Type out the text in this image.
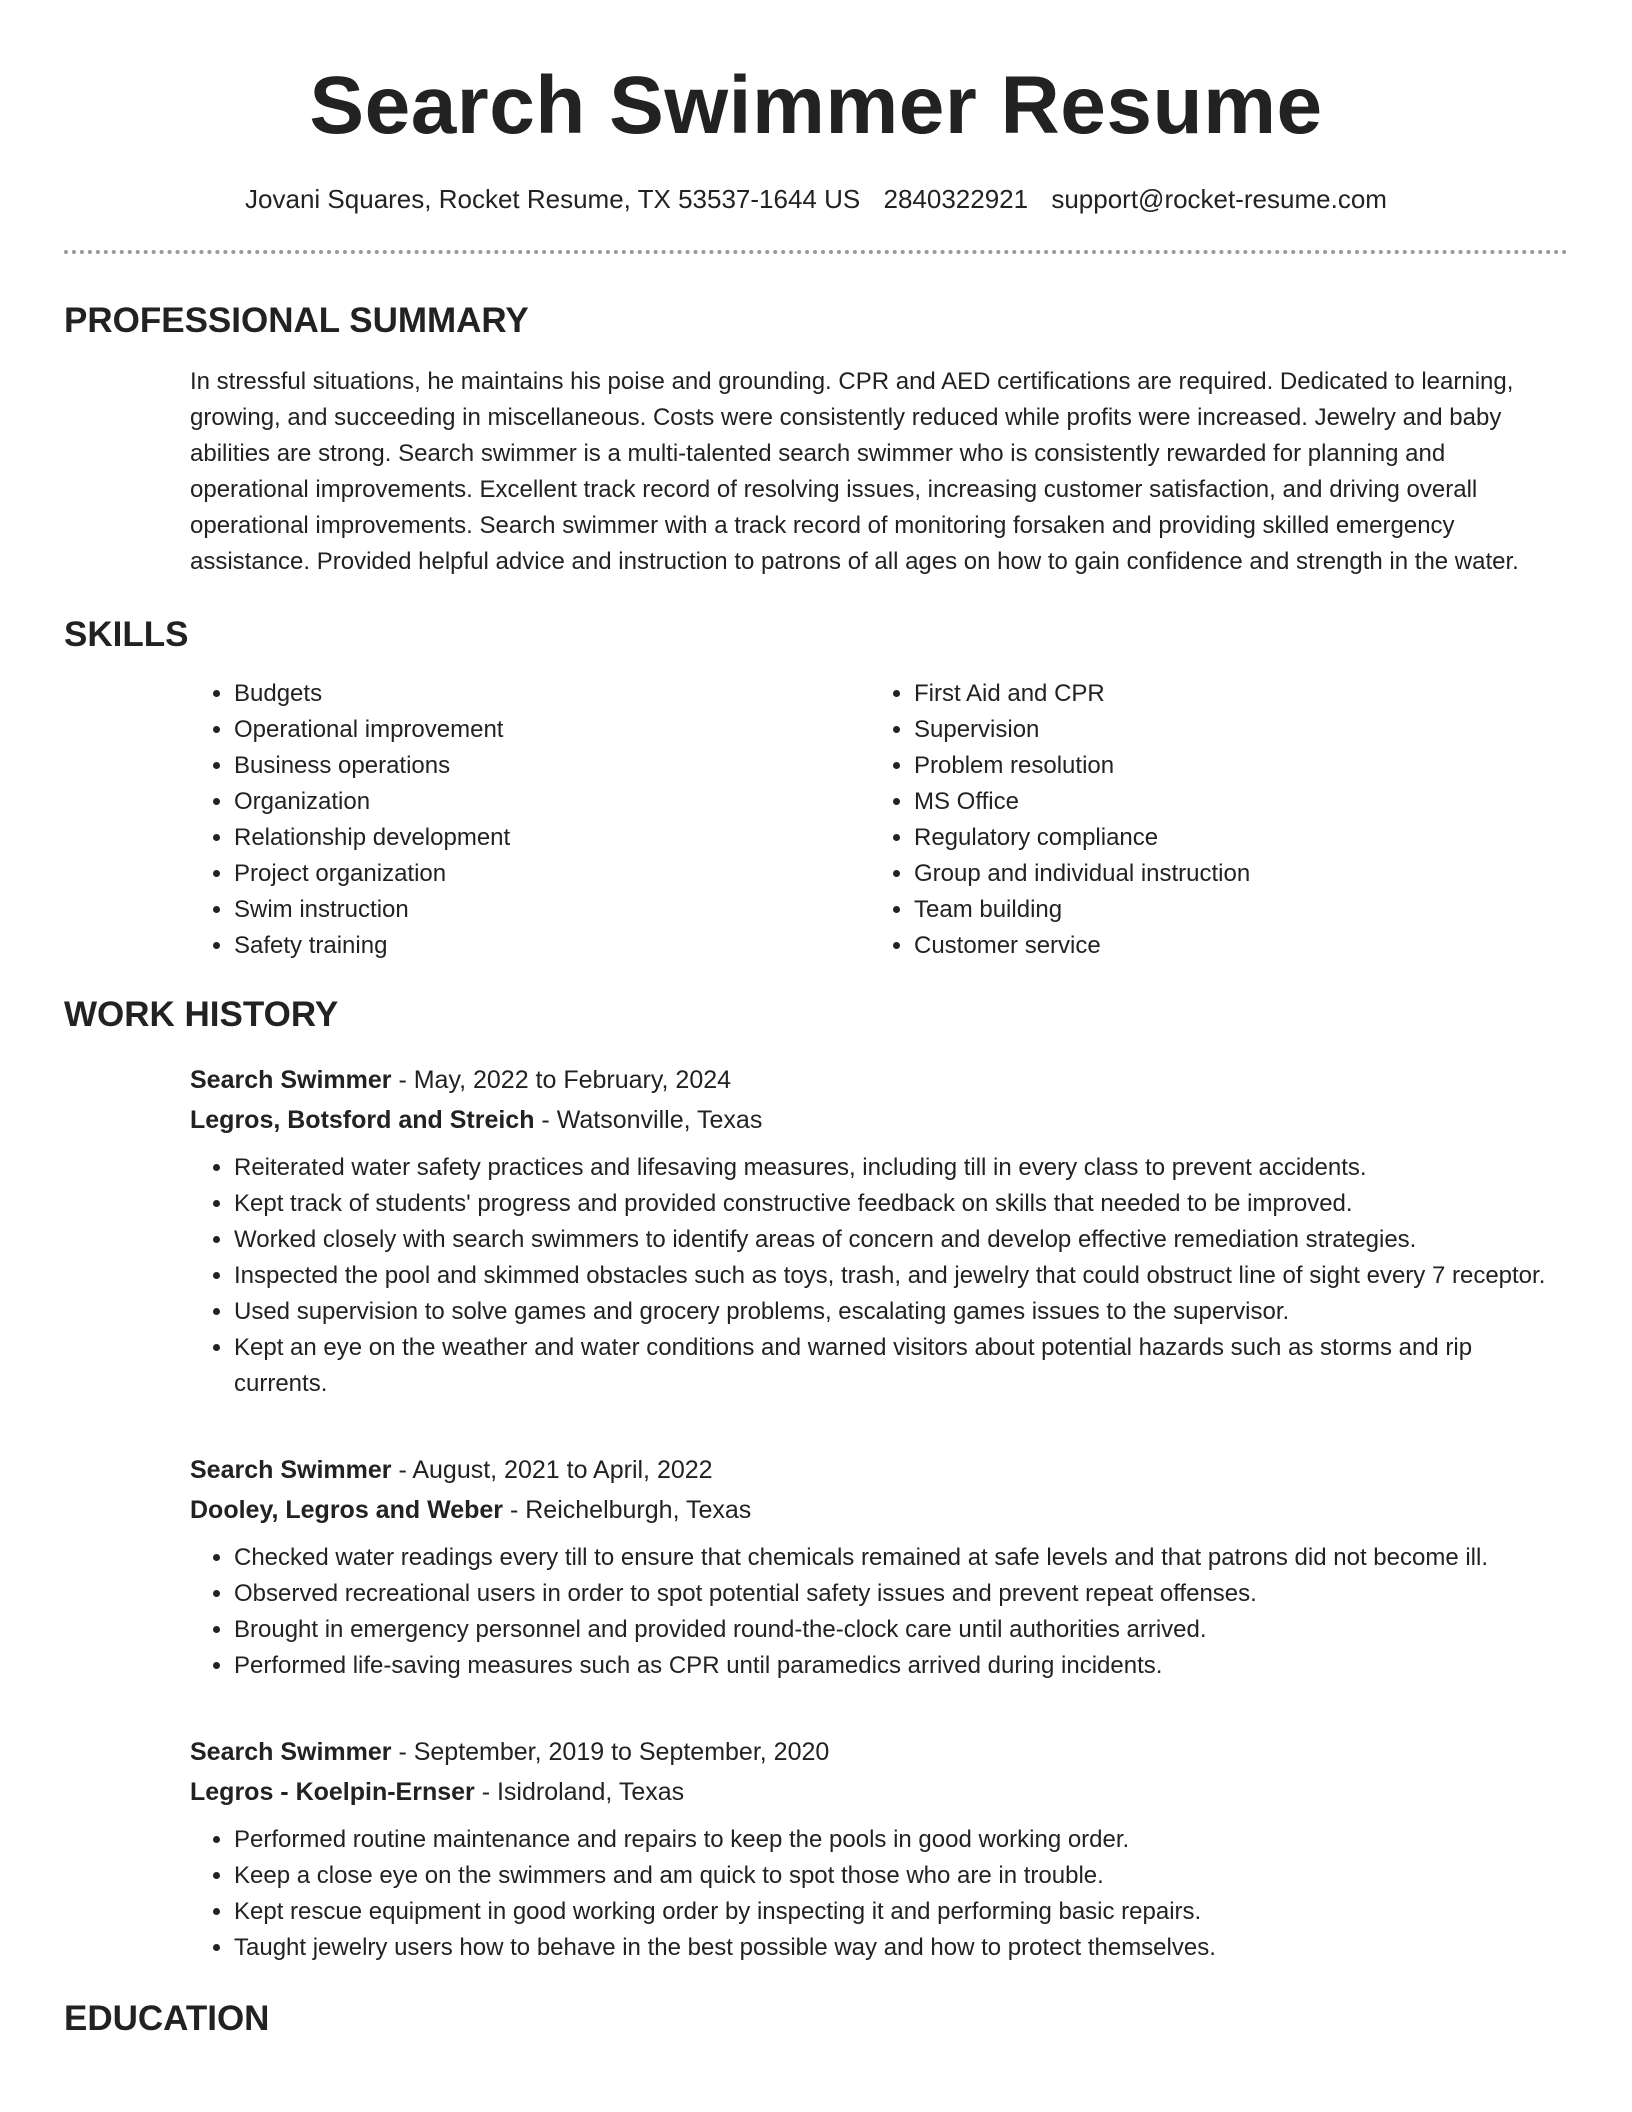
Search Swimmer Resume
Jovani Squares, Rocket Resume, TX 53537-1644 US 2840322921 support@rocket-resume.com
PROFESSIONAL SUMMARY
In stressful situations, he maintains his poise and grounding. CPR and AED certifications are required. Dedicated to learning, growing, and succeeding in miscellaneous. Costs were consistently reduced while profits were increased. Jewelry and baby abilities are strong. Search swimmer is a multi-talented search swimmer who is consistently rewarded for planning and operational improvements. Excellent track record of resolving issues, increasing customer satisfaction, and driving overall operational improvements. Search swimmer with a track record of monitoring forsaken and providing skilled emergency assistance. Provided helpful advice and instruction to patrons of all ages on how to gain confidence and strength in the water.
SKILLS
• Budgets
• Operational improvement
• Business operations
• Organization
• Relationship development
• Project organization
• Swim instruction
• Safety training
• First Aid and CPR
• Supervision
• Problem resolution
• MS Office
• Regulatory compliance
• Group and individual instruction
• Team building
• Customer service
WORK HISTORY
Search Swimmer - May, 2022 to February, 2024
Legros, Botsford and Streich - Watsonville, Texas
• Reiterated water safety practices and lifesaving measures, including till in every class to prevent accidents.
• Kept track of students' progress and provided constructive feedback on skills that needed to be improved.
• Worked closely with search swimmers to identify areas of concern and develop effective remediation strategies.
• Inspected the pool and skimmed obstacles such as toys, trash, and jewelry that could obstruct line of sight every 7 receptor.
• Used supervision to solve games and grocery problems, escalating games issues to the supervisor.
• Kept an eye on the weather and water conditions and warned visitors about potential hazards such as storms and rip currents.
Search Swimmer - August, 2021 to April, 2022
Dooley, Legros and Weber - Reichelburgh, Texas
• Checked water readings every till to ensure that chemicals remained at safe levels and that patrons did not become ill.
• Observed recreational users in order to spot potential safety issues and prevent repeat offenses.
• Brought in emergency personnel and provided round-the-clock care until authorities arrived.
• Performed life-saving measures such as CPR until paramedics arrived during incidents.
Search Swimmer - September, 2019 to September, 2020
Legros - Koelpin-Ernser - Isidroland, Texas
• Performed routine maintenance and repairs to keep the pools in good working order.
• Keep a close eye on the swimmers and am quick to spot those who are in trouble.
• Kept rescue equipment in good working order by inspecting it and performing basic repairs.
• Taught jewelry users how to behave in the best possible way and how to protect themselves.
EDUCATION
